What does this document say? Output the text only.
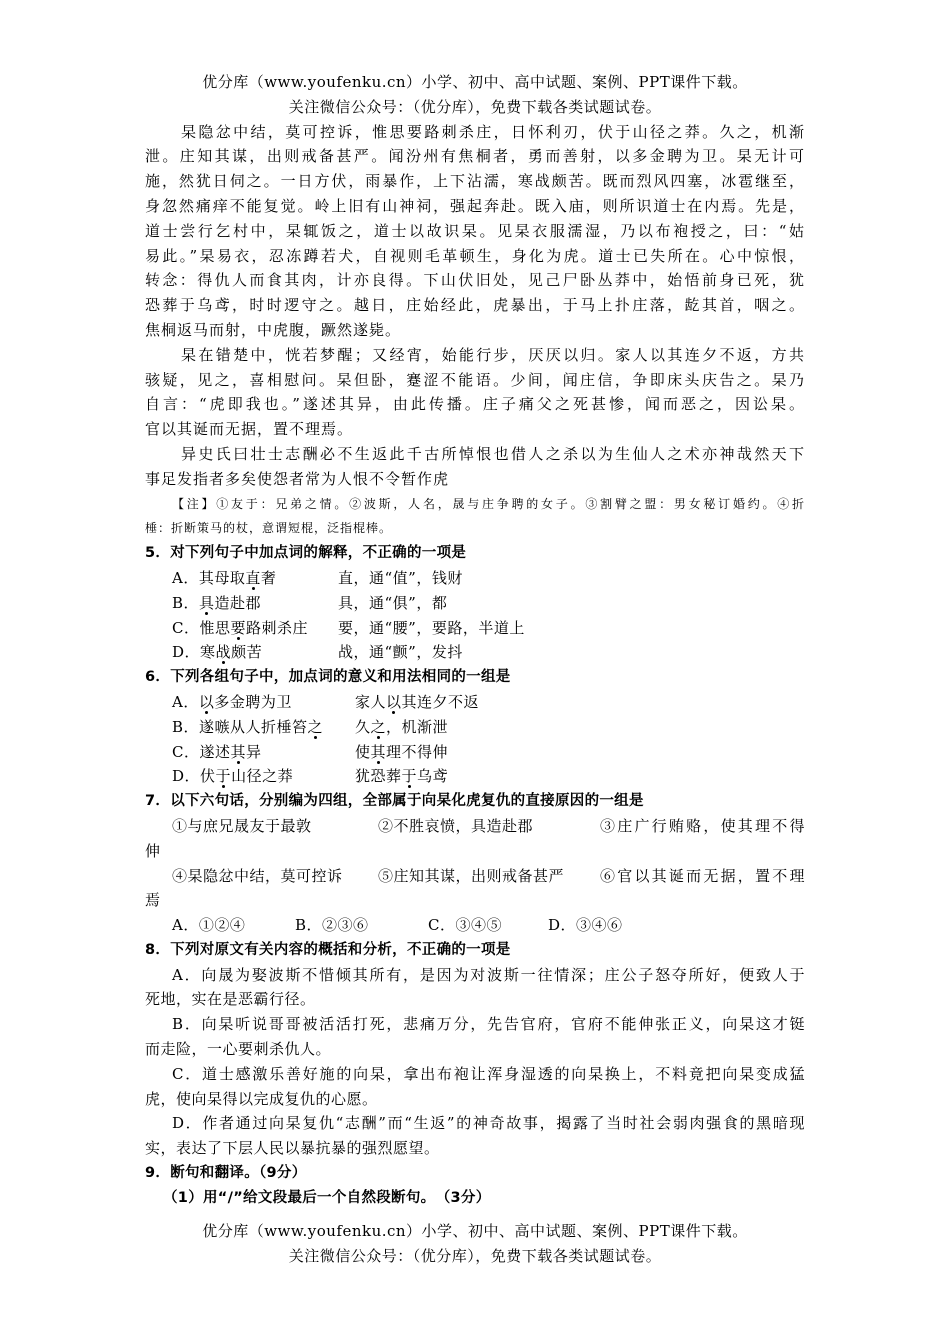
优分库（www.youfenku.cn）小学、初中、高中试题、案例、PPT课件下载。
关注微信公众号：（优分库），免费下载各类试题试卷。
杲隐忿中结，莫可控诉，惟思要路刺杀庄，日怀利刃，伏于山径之莽。久之，机渐
泄。庄知其谋，出则戒备甚严。闻汾州有焦桐者，勇而善射，以多金聘为卫。杲无计可
施，然犹日伺之。一日方伏，雨暴作，上下沾濡，寒战颇苦。既而烈风四塞，冰雹继至，
身忽然痛痒不能复觉。岭上旧有山神祠，强起奔赴。既入庙，则所识道士在内焉。先是，
道士尝行乞村中，杲辄饭之，道士以故识杲。见杲衣服濡湿，乃以布袍授之，曰：“姑
易此。”杲易衣，忍冻蹲若犬，自视则毛革顿生，身化为虎。道士已失所在。心中惊恨，
转念：得仇人而食其肉，计亦良得。下山伏旧处，见己尸卧丛莽中，始悟前身已死，犹
恐葬于乌鸢，时时逻守之。越日，庄始经此，虎暴出，于马上扑庄落，龁其首，咽之。
焦桐返马而射，中虎腹，蹶然遂毙。
杲在错楚中，恍若梦醒；又经宵，始能行步，厌厌以归。家人以其连夕不返，方共
骇疑，见之，喜相慰问。杲但卧，蹇涩不能语。少间，闻庄信，争即床头庆告之。杲乃
自言：“虎即我也。”遂述其异，由此传播。庄子痛父之死甚惨，闻而恶之，因讼杲。
官以其诞而无据，置不理焉。
异史氏曰壮士志酬必不生返此千古所悼恨也借人之杀以为生仙人之术亦神哉然天下
事足发指者多矣使怨者常为人恨不令暂作虎
【注】①友于：兄弟之情。②波斯，人名，晟与庄争聘的女子。③割臂之盟：男女秘订婚约。④折
棰：折断策马的杖，意谓短棍，泛指棍棒。
5．对下列句子中加点词的解释，不正确的一项是
A．其母取直奢	直，通“值”，钱财
B．具造赴郡	具，通“俱”，都
C．惟思要路刺杀庄	要，通“腰”，要路，半道上
D．寒战颇苦	战，通“颤”，发抖
6．下列各组句子中，加点词的意义和用法相同的一组是
A．以多金聘为卫	家人以其连夕不返
B．遂嗾从人折棰笞之	久之，机渐泄
C．遂述其异	使其理不得伸
D．伏于山径之莽	犹恐葬于乌鸢
7．以下六句话，分别编为四组，全部属于向杲化虎复仇的直接原因的一组是
①与庶兄晟友于最敦	②不胜哀愤，具造赴郡	③庄广行贿赂，使其理不得
伸
④杲隐忿中结，莫可控诉	⑤庄知其谋，出则戒备甚严	⑥官以其诞而无据，置不理
焉
A．①②④	B．②③⑥	C．③④⑤	D．③④⑥
8．下列对原文有关内容的概括和分析，不正确的一项是
A．向晟为娶波斯不惜倾其所有，是因为对波斯一往情深；庄公子怒夺所好，便致人于
死地，实在是恶霸行径。
B．向杲听说哥哥被活活打死，悲痛万分，先告官府，官府不能伸张正义，向杲这才铤
而走险，一心要刺杀仇人。
C．道士感激乐善好施的向杲，拿出布袍让浑身湿透的向杲换上，不料竟把向杲变成猛
虎，使向杲得以完成复仇的心愿。
D．作者通过向杲复仇“志酬”而“生返”的神奇故事，揭露了当时社会弱肉强食的黑暗现
实，表达了下层人民以暴抗暴的强烈愿望。
9．断句和翻译。（9分）
（1）用“/”给文段最后一个自然段断句。　（3分）
优分库（www.youfenku.cn）小学、初中、高中试题、案例、PPT课件下载。
关注微信公众号：（优分库），免费下载各类试题试卷。
